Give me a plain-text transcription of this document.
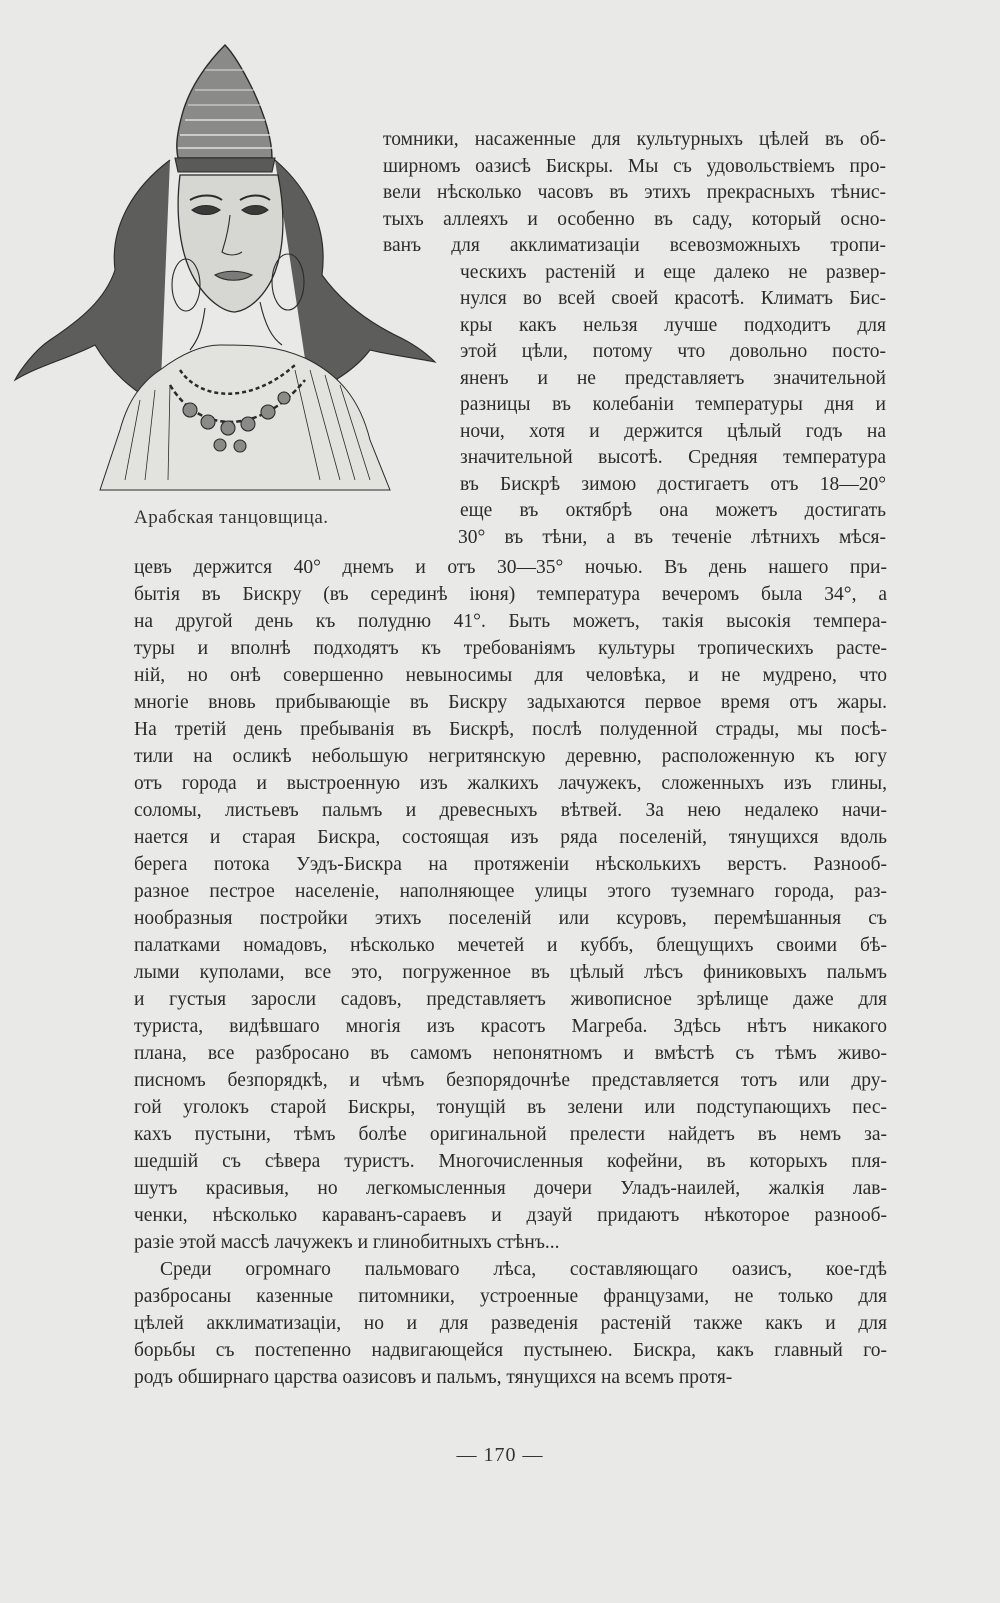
Арабская танцовщица.
томники, насаженные для культурныхъ цѣлей въ об-
ширномъ оазисѣ Бискры. Мы съ удовольствіемъ про-
вели нѣсколько часовъ въ этихъ прекрасныхъ тѣнис-
тыхъ аллеяхъ и особенно въ саду, который осно-
ванъ для акклиматизаціи всевозможныхъ тропи-
ческихъ растеній и еще далеко не развер-
нулся во всей своей красотѣ. Климатъ Бис-
кры какъ нельзя лучше подходитъ для
этой цѣли, потому что довольно посто-
яненъ и не представляетъ значительной
разницы въ колебаніи температуры дня и
ночи, хотя и держится цѣлый годъ на
значительной высотѣ. Средняя температура
въ Бискрѣ зимою достигаетъ отъ 18—20°
еще въ октябрѣ она можетъ достигать
30° въ тѣни, а въ теченіе лѣтнихъ мѣся-
цевъ держится 40° днемъ и отъ 30—35° ночью. Въ день нашего при-
бытія въ Бискру (въ серединѣ іюня) температура вечеромъ была 34°, а
на другой день къ полудню 41°. Быть можетъ, такія высокія темпера-
туры и вполнѣ подходятъ къ требованіямъ культуры тропическихъ расте-
ній, но онѣ совершенно невыносимы для человѣка, и не мудрено, что
многіе вновь прибывающіе въ Бискру задыхаются первое время отъ жары.
На третій день пребыванія въ Бискрѣ, послѣ полуденной страды, мы посѣ-
тили на осликѣ небольшую негритянскую деревню, расположенную къ югу
отъ города и выстроенную изъ жалкихъ лачужекъ, сложенныхъ изъ глины,
соломы, листьевъ пальмъ и древесныхъ вѣтвей. За нею недалеко начи-
нается и старая Бискра, состоящая изъ ряда поселеній, тянущихся вдоль
берега потока Уэдъ-Бискра на протяженіи нѣсколькихъ верстъ. Разнооб-
разное пестрое населеніе, наполняющее улицы этого туземнаго города, раз-
нообразныя постройки этихъ поселеній или ксуровъ, перемѣшанныя съ
палатками номадовъ, нѣсколько мечетей и куббъ, блещущихъ своими бѣ-
лыми куполами, все это, погруженное въ цѣлый лѣсъ финиковыхъ пальмъ
и густыя заросли садовъ, представляетъ живописное зрѣлище даже для
туриста, видѣвшаго многія изъ красотъ Магреба. Здѣсь нѣтъ никакого
плана, все разбросано въ самомъ непонятномъ и вмѣстѣ съ тѣмъ живо-
писномъ безпорядкѣ, и чѣмъ безпорядочнѣе представляется тотъ или дру-
гой уголокъ старой Бискры, тонущій въ зелени или подступающихъ пес-
каxъ пустыни, тѣмъ болѣе оригинальной прелести найдетъ въ немъ за-
шедшій съ сѣвера туристъ. Многочисленныя кофейни, въ которыхъ пля-
шутъ красивыя, но легкомысленныя дочери Уладъ-наилей, жалкія лав-
ченки, нѣсколько караванъ-сараевъ и дзауй придаютъ нѣкоторое разнооб-
разіе этой массѣ лачужекъ и глинобитныхъ стѣнъ...
Среди огромнаго пальмоваго лѣса, составляющаго оазисъ, кое-гдѣ
разбросаны казенные питомники, устроенные французами, не только для
цѣлей акклиматизаціи, но и для разведенія растеній также какъ и для
борьбы съ постепенно надвигающейся пустынею. Бискра, какъ главный го-
родъ обширнаго царства оазисовъ и пальмъ, тянущихся на всемъ протя-
— 170 —
